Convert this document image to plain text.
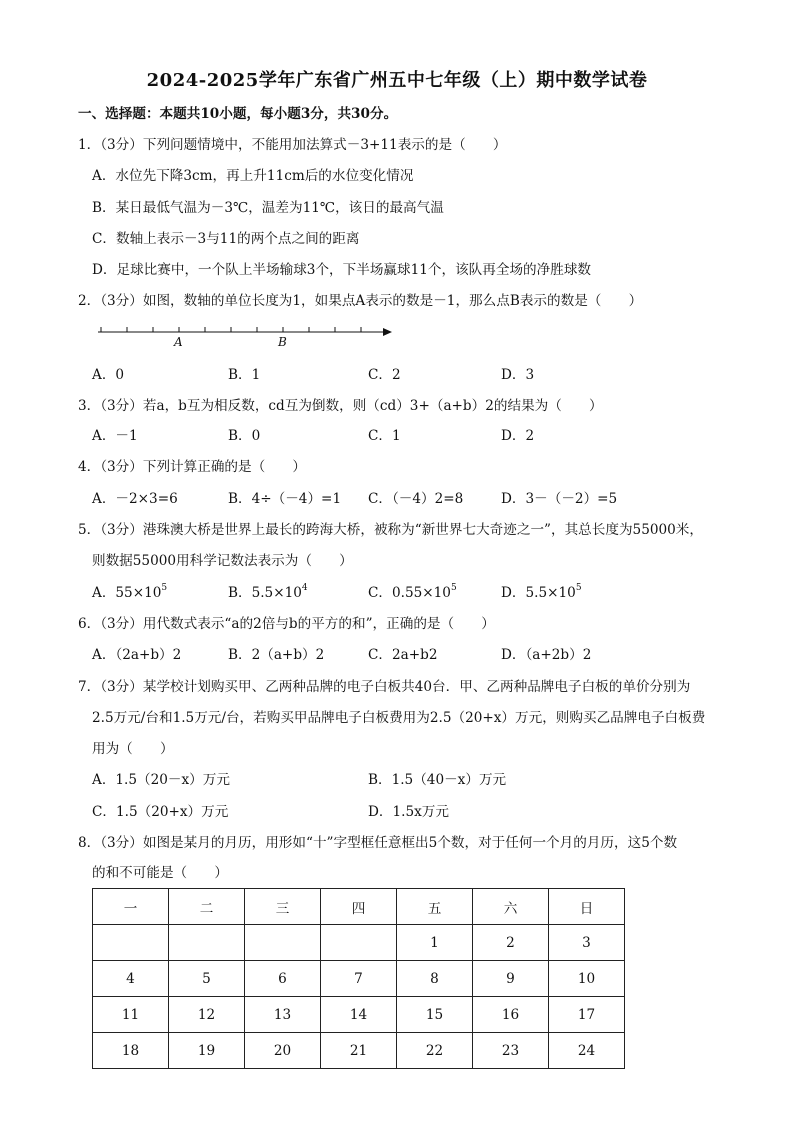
2024-2025学年广东省广州五中七年级（上）期中数学试卷
一、选择题：本题共10小题，每小题3分，共30分。
1．（3分）下列问题情境中，不能用加法算式－3+11表示的是（　　）
A．水位先下降3cm，再上升11cm后的水位变化情况
B．某日最低气温为－3℃，温差为11℃，该日的最高气温
C．数轴上表示－3与11的两个点之间的距离
D．足球比赛中，一个队上半场输球3个，下半场赢球11个，该队再全场的净胜球数
2．（3分）如图，数轴的单位长度为1，如果点A表示的数是－1，那么点B表示的数是（　　）
A	B
A．0	B．1	C．2	D．3
3．（3分）若a，b互为相反数，cd互为倒数，则（cd）3+（a+b）2的结果为（　　）
A．－1	B．0	C．1	D．2
4．（3分）下列计算正确的是（　　）
A．－2×3=6	B．4÷（－4）=1 C．（－4）2=8	D．3－（－2）=5
5．（3分）港珠澳大桥是世界上最长的跨海大桥，被称为“新世界七大奇迹之一”，其总长度为55000米，
则数据55000用科学记数法表示为（　　）
A．$55\times 10^5$	B．$5.5\times 10^4$	C．$0.55\times 10^5$	D．$5.5\times 10^5$
6．（3分）用代数式表示“a的2倍与b的平方的和”，正确的是（　　）
A．（2a+b）2	B．2（a+b）2	C．2a+b2	D．（a+2b）2
7．（3分）某学校计划购买甲、乙两种品牌的电子白板共40台．甲、乙两种品牌电子白板的单价分别为
2.5万元/台和1.5万元/台，若购买甲品牌电子白板费用为2.5（20+x）万元，则购买乙品牌电子白板费
用为（　　）
A．1.5（20－x）万元	B．1.5（40－x）万元
C．1.5（20+x）万元	D．1.5x万元
8．（3分）如图是某月的月历，用形如“十”字型框任意框出5个数，对于任何一个月的月历，这5个数
的和不可能是（　　）
一	二	三	四	五	六	日
				1	2	3
4	5	6	7	8	9	10
11	12	13	14	15	16	17
18	19	20	21	22	23	24
